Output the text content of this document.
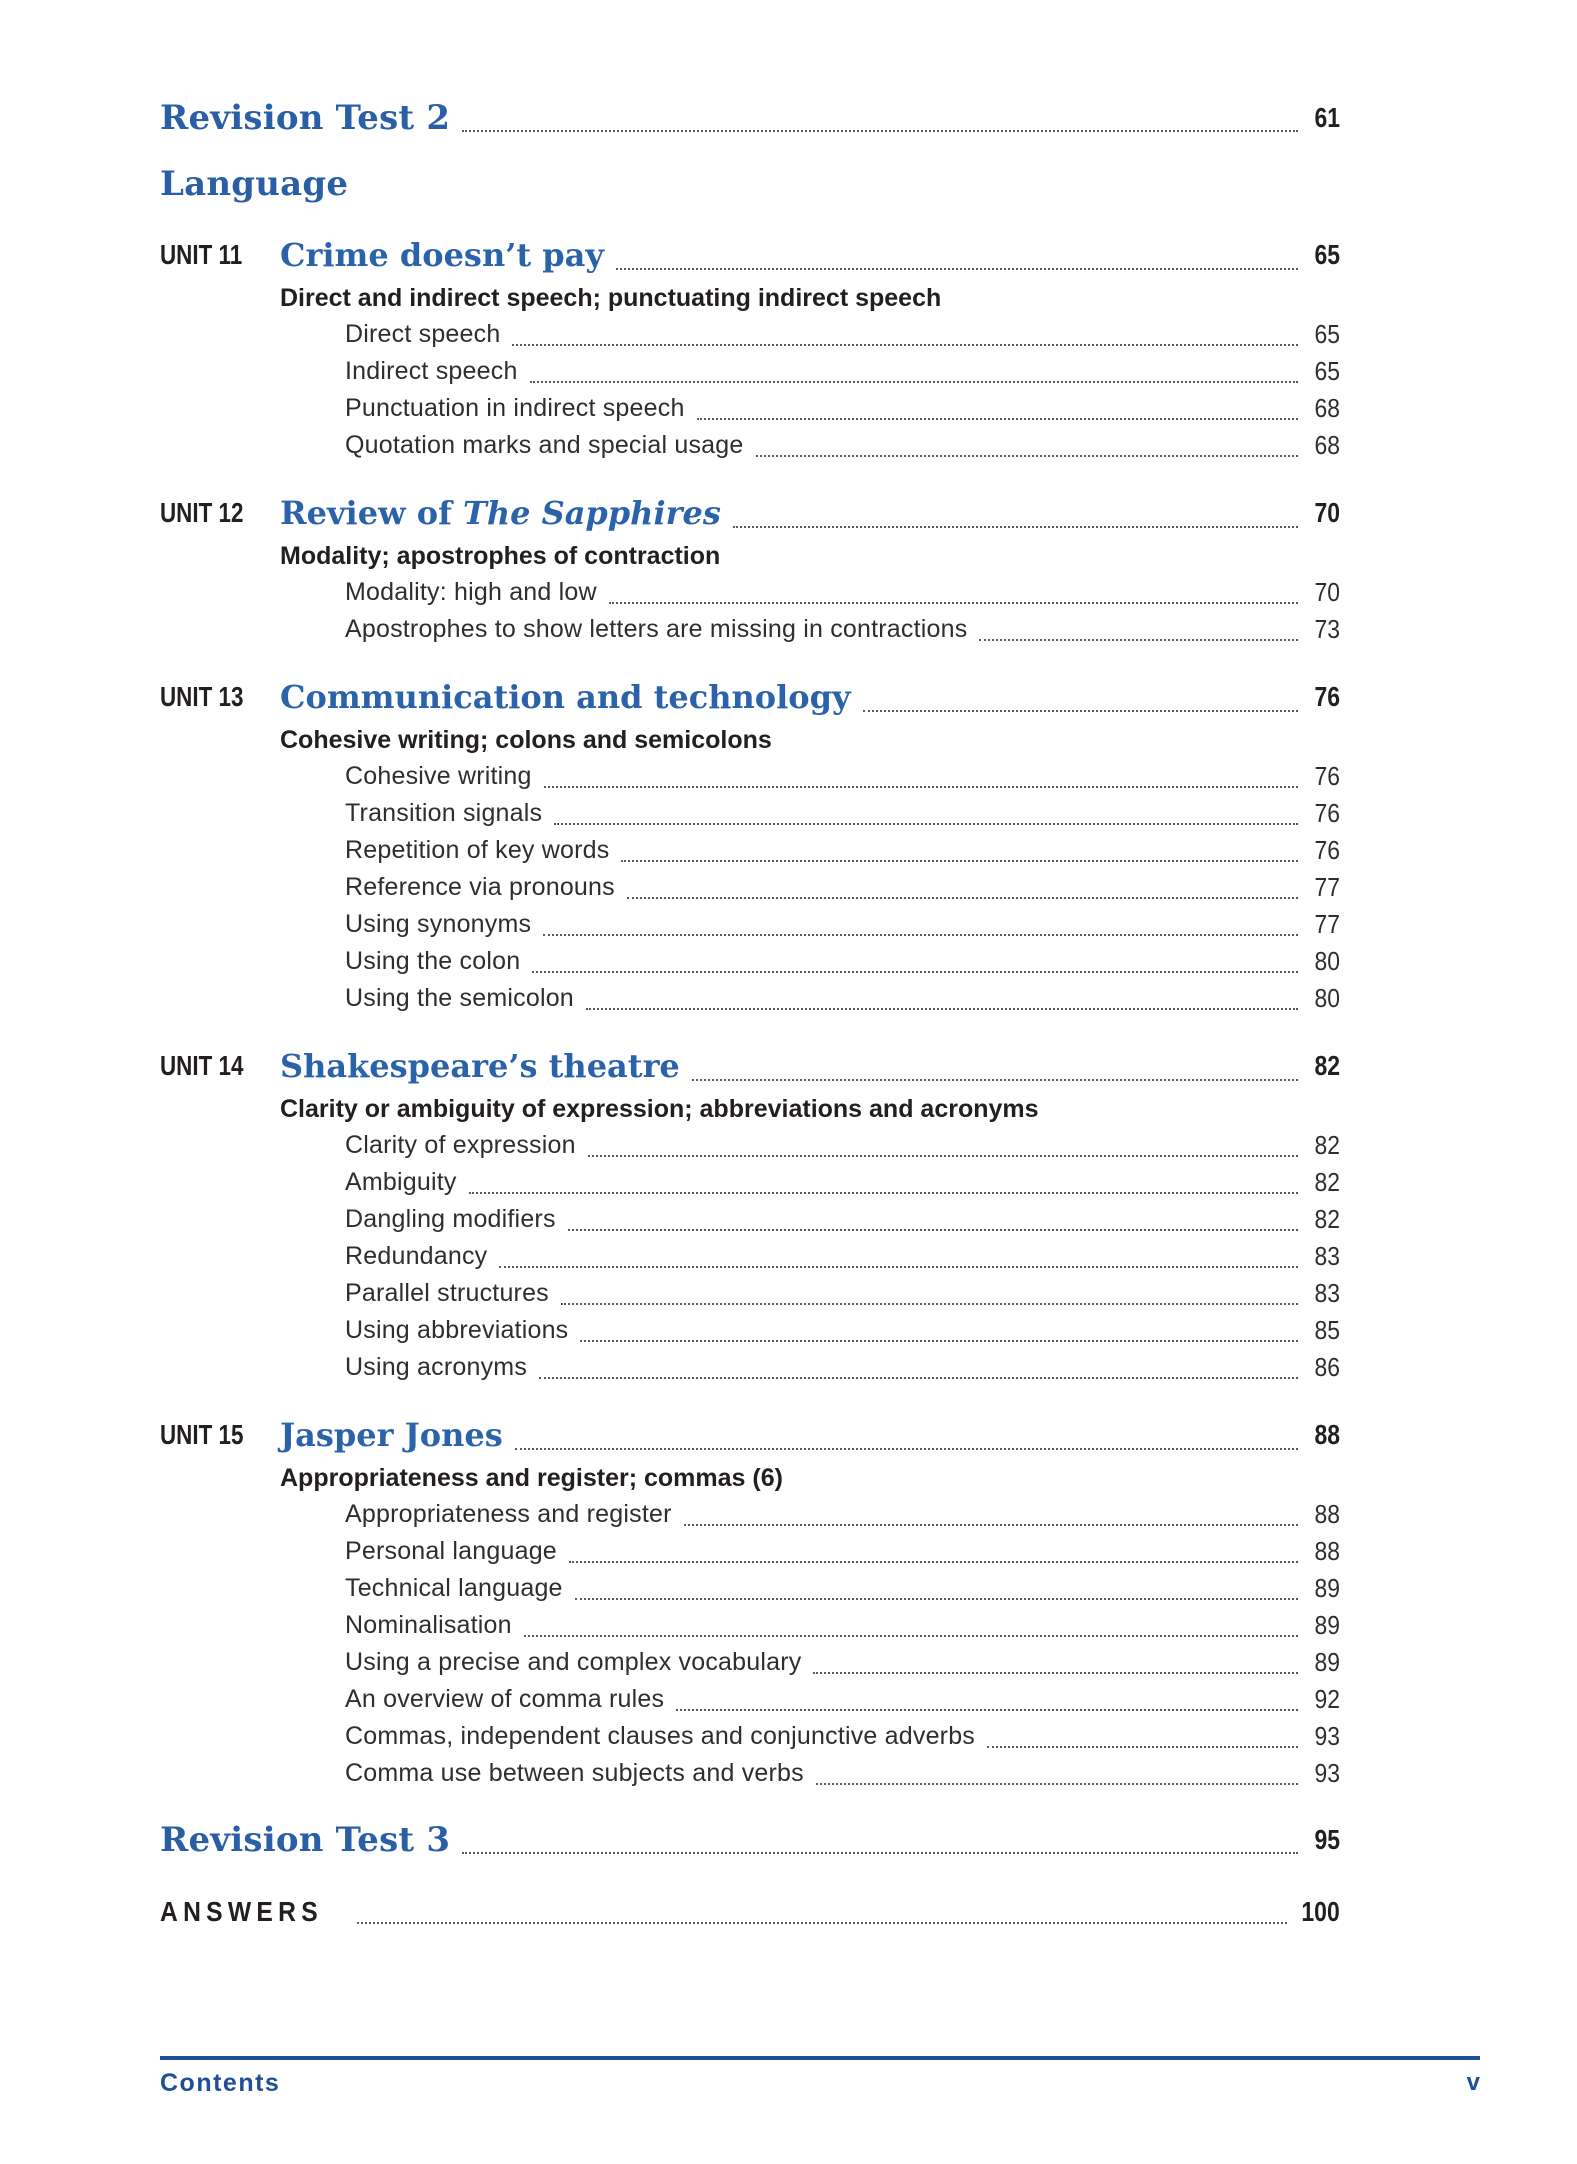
Revision Test 2	61
Language
UNIT 11	Crime doesn’t pay	65
Direct and indirect speech; punctuating indirect speech
Direct speech	65
Indirect speech	65
Punctuation in indirect speech	68
Quotation marks and special usage	68
UNIT 12	Review of The Sapphires	70
Modality; apostrophes of contraction
Modality: high and low	70
Apostrophes to show letters are missing in contractions	73
UNIT 13	Communication and technology	76
Cohesive writing; colons and semicolons
Cohesive writing	76
Transition signals	76
Repetition of key words	76
Reference via pronouns	77
Using synonyms	77
Using the colon	80
Using the semicolon	80
UNIT 14	Shakespeare’s theatre	82
Clarity or ambiguity of expression; abbreviations and acronyms
Clarity of expression	82
Ambiguity	82
Dangling modifiers	82
Redundancy	83
Parallel structures	83
Using abbreviations	85
Using acronyms	86
UNIT 15	Jasper Jones	88
Appropriateness and register; commas (6)
Appropriateness and register	88
Personal language	88
Technical language	89
Nominalisation	89
Using a precise and complex vocabulary	89
An overview of comma rules	92
Commas, independent clauses and conjunctive adverbs	93
Comma use between subjects and verbs	93
Revision Test 3	95
ANSWERS	100
Contents	v
